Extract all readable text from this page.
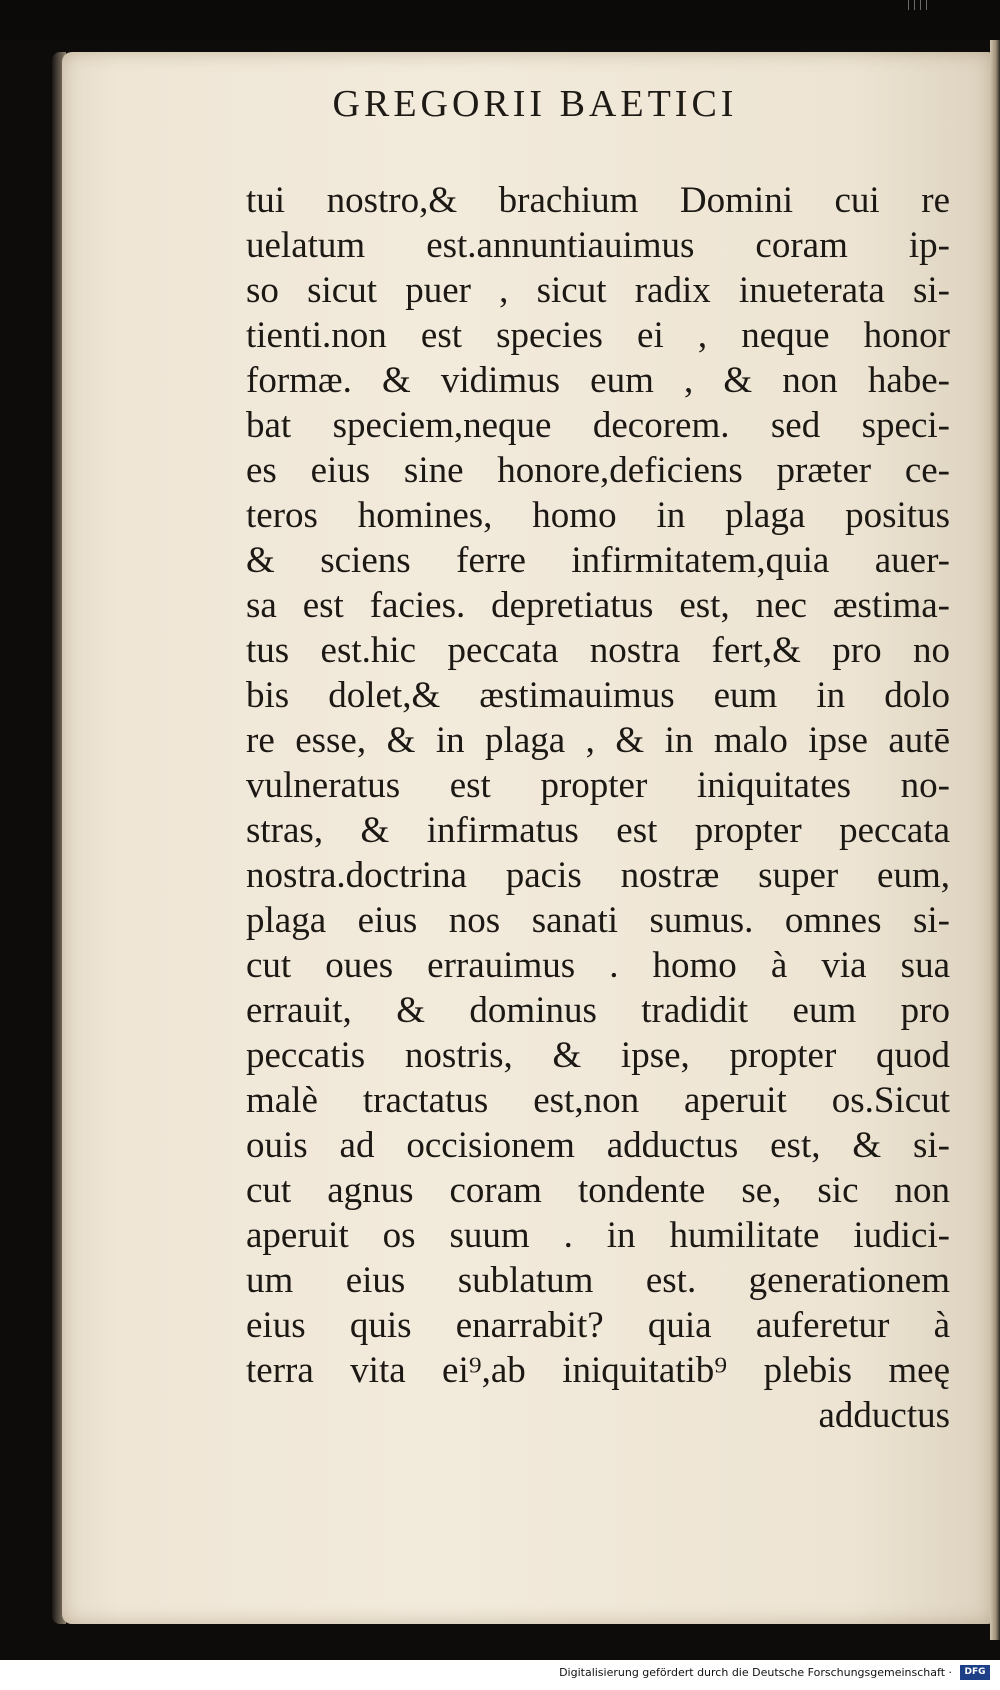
GREGORII BAETICI
tui nostro,& brachium Domini cui re
uelatum est.annuntiauimus coram ip-
so sicut puer , sicut radix inueterata si-
tienti.non est species ei , neque honor
formæ. & vidimus eum , & non habe-
bat speciem,neque decorem. sed speci-
es eius sine honore,deficiens præter ce-
teros homines, homo in plaga positus
& sciens ferre infirmitatem,quia auer-
sa est facies. depretiatus est, nec æstima-
tus est.hic peccata nostra fert,& pro no
bis dolet,& æstimauimus eum in dolo
re esse, & in plaga , & in malo ipse autē
vulneratus est propter iniquitates no-
stras, & infirmatus est propter peccata
nostra.doctrina pacis nostræ super eum,
plaga eius nos sanati sumus. omnes si-
cut oues errauimus . homo à via sua
errauit, & dominus tradidit eum pro
peccatis nostris, & ipse, propter quod
malè tractatus est,non aperuit os.Sicut
ouis ad occisionem adductus est, & si-
cut agnus coram tondente se, sic non
aperuit os suum . in humilitate iudici-
um eius sublatum est. generationem
eius quis enarrabit? quia auferetur à
terra vita ei⁹,ab iniquitatib⁹ plebis meę
adductus
Digitalisierung gefördert durch die Deutsche Forschungsgemeinschaft ·	DFG
